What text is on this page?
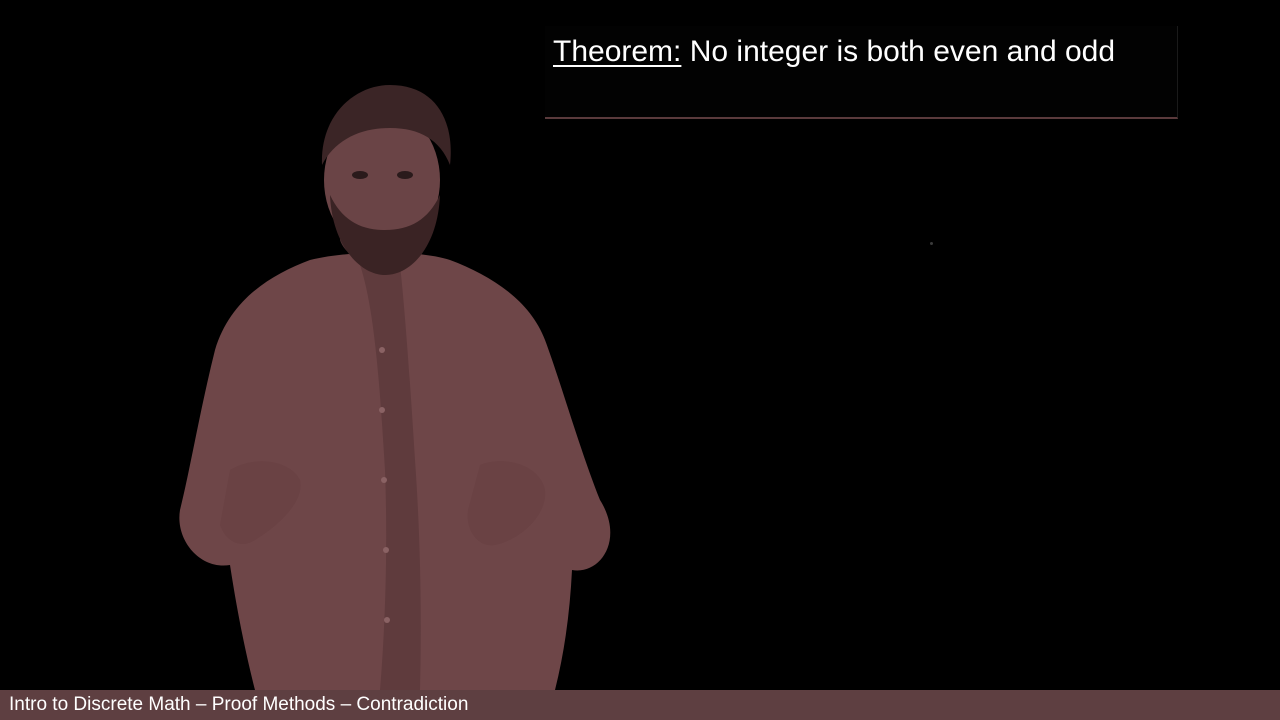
Theorem: No integer is both even and odd
Intro to Discrete Math – Proof Methods – Contradiction
